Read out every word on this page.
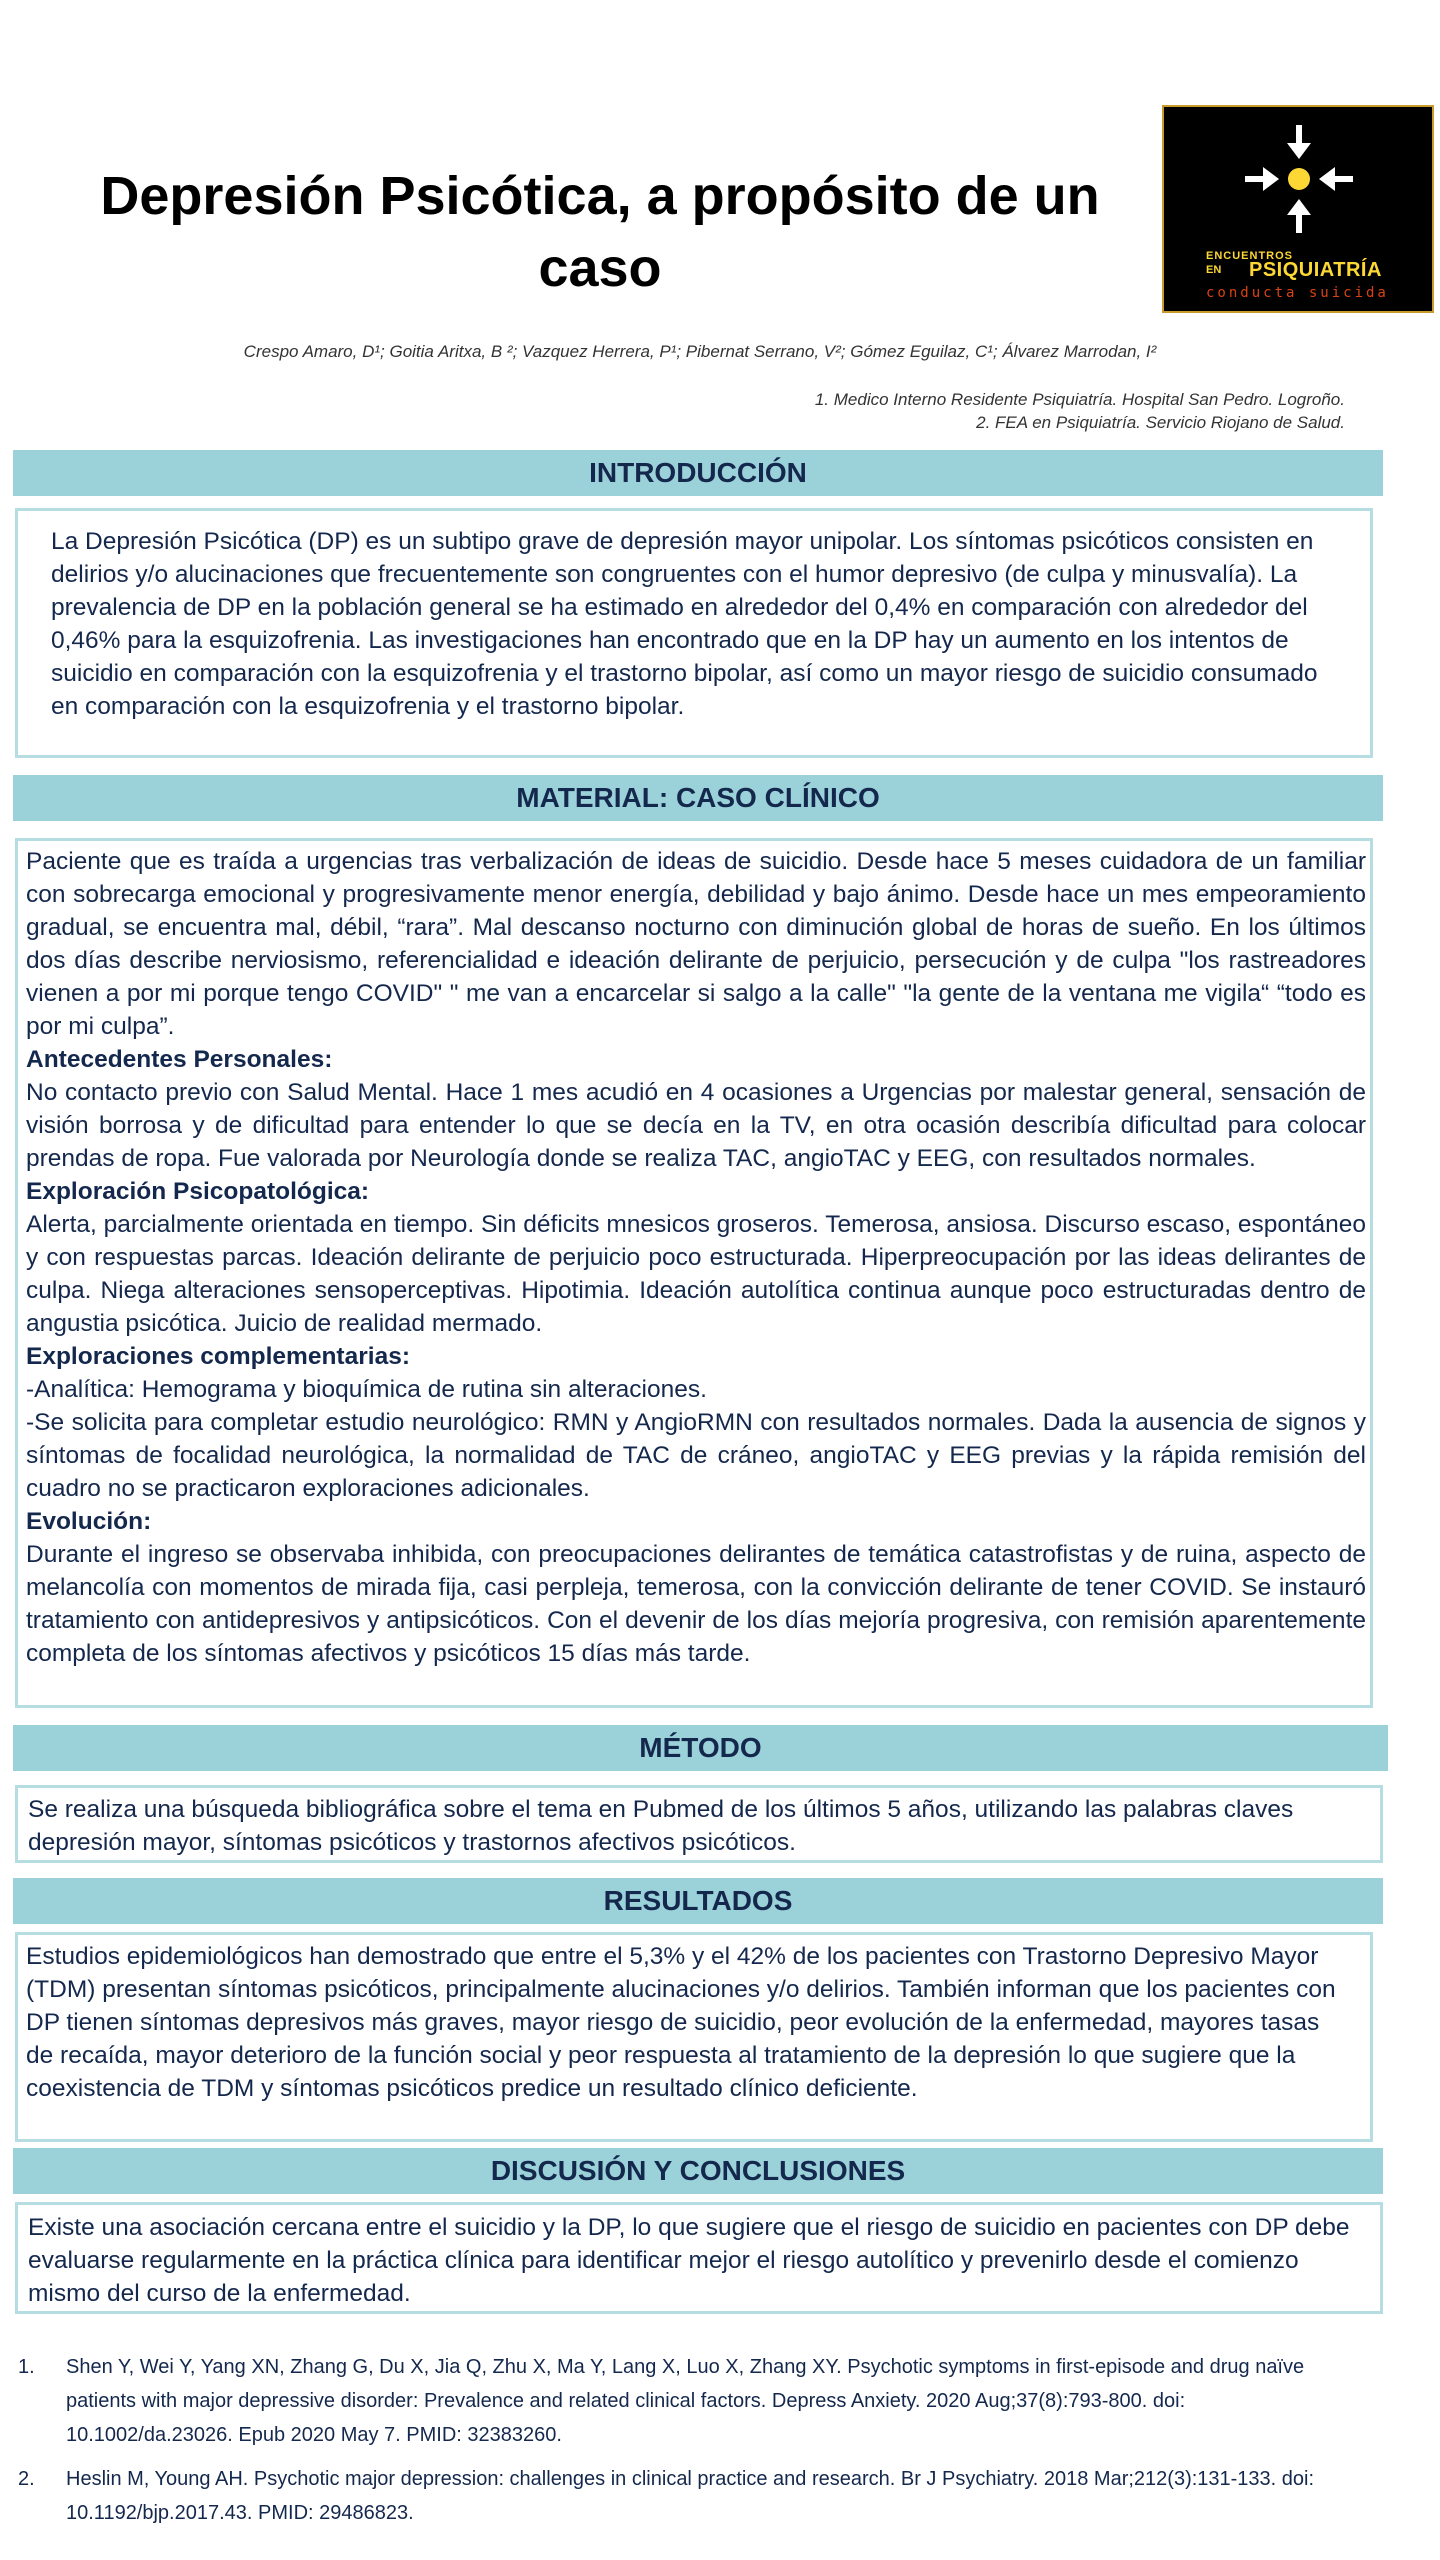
Depresión Psicótica, a propósito de un caso	ENCUENTROS
EN PSIQUIATRÍA
conducta suicida
Crespo Amaro, D¹; Goitia Aritxa, B ²; Vazquez Herrera, P¹; Pibernat Serrano, V²; Gómez Eguilaz, C¹; Álvarez Marrodan, I²
1. Medico Interno Residente Psiquiatría. Hospital San Pedro. Logroño.
2. FEA en Psiquiatría. Servicio Riojano de Salud.
INTRODUCCIÓN

La Depresión Psicótica (DP) es un subtipo grave de depresión mayor unipolar. Los síntomas psicóticos consisten en delirios y/o alucinaciones que frecuentemente son congruentes con el humor depresivo (de culpa y minusvalía). La prevalencia de DP en la población general se ha estimado en alrededor del 0,4% en comparación con alrededor del 0,46% para la esquizofrenia. Las investigaciones han encontrado que en la DP hay un aumento en los intentos de suicidio en comparación con la esquizofrenia y el trastorno bipolar, así como un mayor riesgo de suicidio consumado en comparación con la esquizofrenia y el trastorno bipolar.

MATERIAL: CASO CLÍNICO

Paciente que es traída a urgencias tras verbalización de ideas de suicidio. Desde hace 5 meses cuidadora de un familiar con sobrecarga emocional y progresivamente menor energía, debilidad y bajo ánimo. Desde hace un mes empeoramiento gradual, se encuentra mal, débil, “rara”. Mal descanso nocturno con diminución global de horas de sueño. En los últimos dos días describe nerviosismo, referencialidad e ideación delirante de perjuicio, persecución y de culpa "los rastreadores vienen a por mi porque tengo COVID" " me van a encarcelar si salgo a la calle" "la gente de la ventana me vigila“ “todo es por mi culpa”.

Antecedentes Personales:

No contacto previo con Salud Mental. Hace 1 mes acudió en 4 ocasiones a Urgencias por malestar general, sensación de visión borrosa y de dificultad para entender lo que se decía en la TV, en otra ocasión describía dificultad para colocar prendas de ropa. Fue valorada por Neurología donde se realiza TAC, angioTAC y EEG, con resultados normales.

Exploración Psicopatológica:

Alerta, parcialmente orientada en tiempo. Sin déficits mnesicos groseros. Temerosa, ansiosa. Discurso escaso, espontáneo y con respuestas parcas. Ideación delirante de perjuicio poco estructurada. Hiperpreocupación por las ideas delirantes de culpa. Niega alteraciones sensoperceptivas. Hipotimia. Ideación autolítica continua aunque poco estructuradas dentro de angustia psicótica. Juicio de realidad mermado.

Exploraciones complementarias:

-Analítica: Hemograma y bioquímica de rutina sin alteraciones.

-Se solicita para completar estudio neurológico: RMN y AngioRMN con resultados normales. Dada la ausencia de signos y síntomas de focalidad neurológica, la normalidad de TAC de cráneo, angioTAC y EEG previas y la rápida remisión del cuadro no se practicaron exploraciones adicionales.

Evolución:

Durante el ingreso se observaba inhibida, con preocupaciones delirantes de temática catastrofistas y de ruina, aspecto de melancolía con momentos de mirada fija, casi perpleja, temerosa, con la convicción delirante de tener COVID. Se instauró tratamiento con antidepresivos y antipsicóticos. Con el devenir de los días mejoría progresiva, con remisión aparentemente completa de los síntomas afectivos y psicóticos 15 días más tarde.

MÉTODO

Se realiza una búsqueda bibliográfica sobre el tema en Pubmed de los últimos 5 años, utilizando las palabras claves depresión mayor, síntomas psicóticos y trastornos afectivos psicóticos.

RESULTADOS

Estudios epidemiológicos han demostrado que entre el 5,3% y el 42% de los pacientes con Trastorno Depresivo Mayor (TDM) presentan síntomas psicóticos, principalmente alucinaciones y/o delirios. También informan que los pacientes con DP tienen síntomas depresivos más graves, mayor riesgo de suicidio, peor evolución de la enfermedad, mayores tasas de recaída, mayor deterioro de la función social y peor respuesta al tratamiento de la depresión lo que sugiere que la coexistencia de TDM y síntomas psicóticos predice un resultado clínico deficiente.

DISCUSIÓN Y CONCLUSIONES

Existe una asociación cercana entre el suicidio y la DP, lo que sugiere que el riesgo de suicidio en pacientes con DP debe evaluarse regularmente en la práctica clínica para identificar mejor el riesgo autolítico y prevenirlo desde el comienzo mismo del curso de la enfermedad.

1. Shen Y, Wei Y, Yang XN, Zhang G, Du X, Jia Q, Zhu X, Ma Y, Lang X, Luo X, Zhang XY. Psychotic symptoms in first-episode and drug naïve patients with major depressive disorder: Prevalence and related clinical factors. Depress Anxiety. 2020 Aug;37(8):793-800. doi: 10.1002/da.23026. Epub 2020 May 7. PMID: 32383260.
2. Heslin M, Young AH. Psychotic major depression: challenges in clinical practice and research. Br J Psychiatry. 2018 Mar;212(3):131-133. doi: 10.1192/bjp.2017.43. PMID: 29486823.
